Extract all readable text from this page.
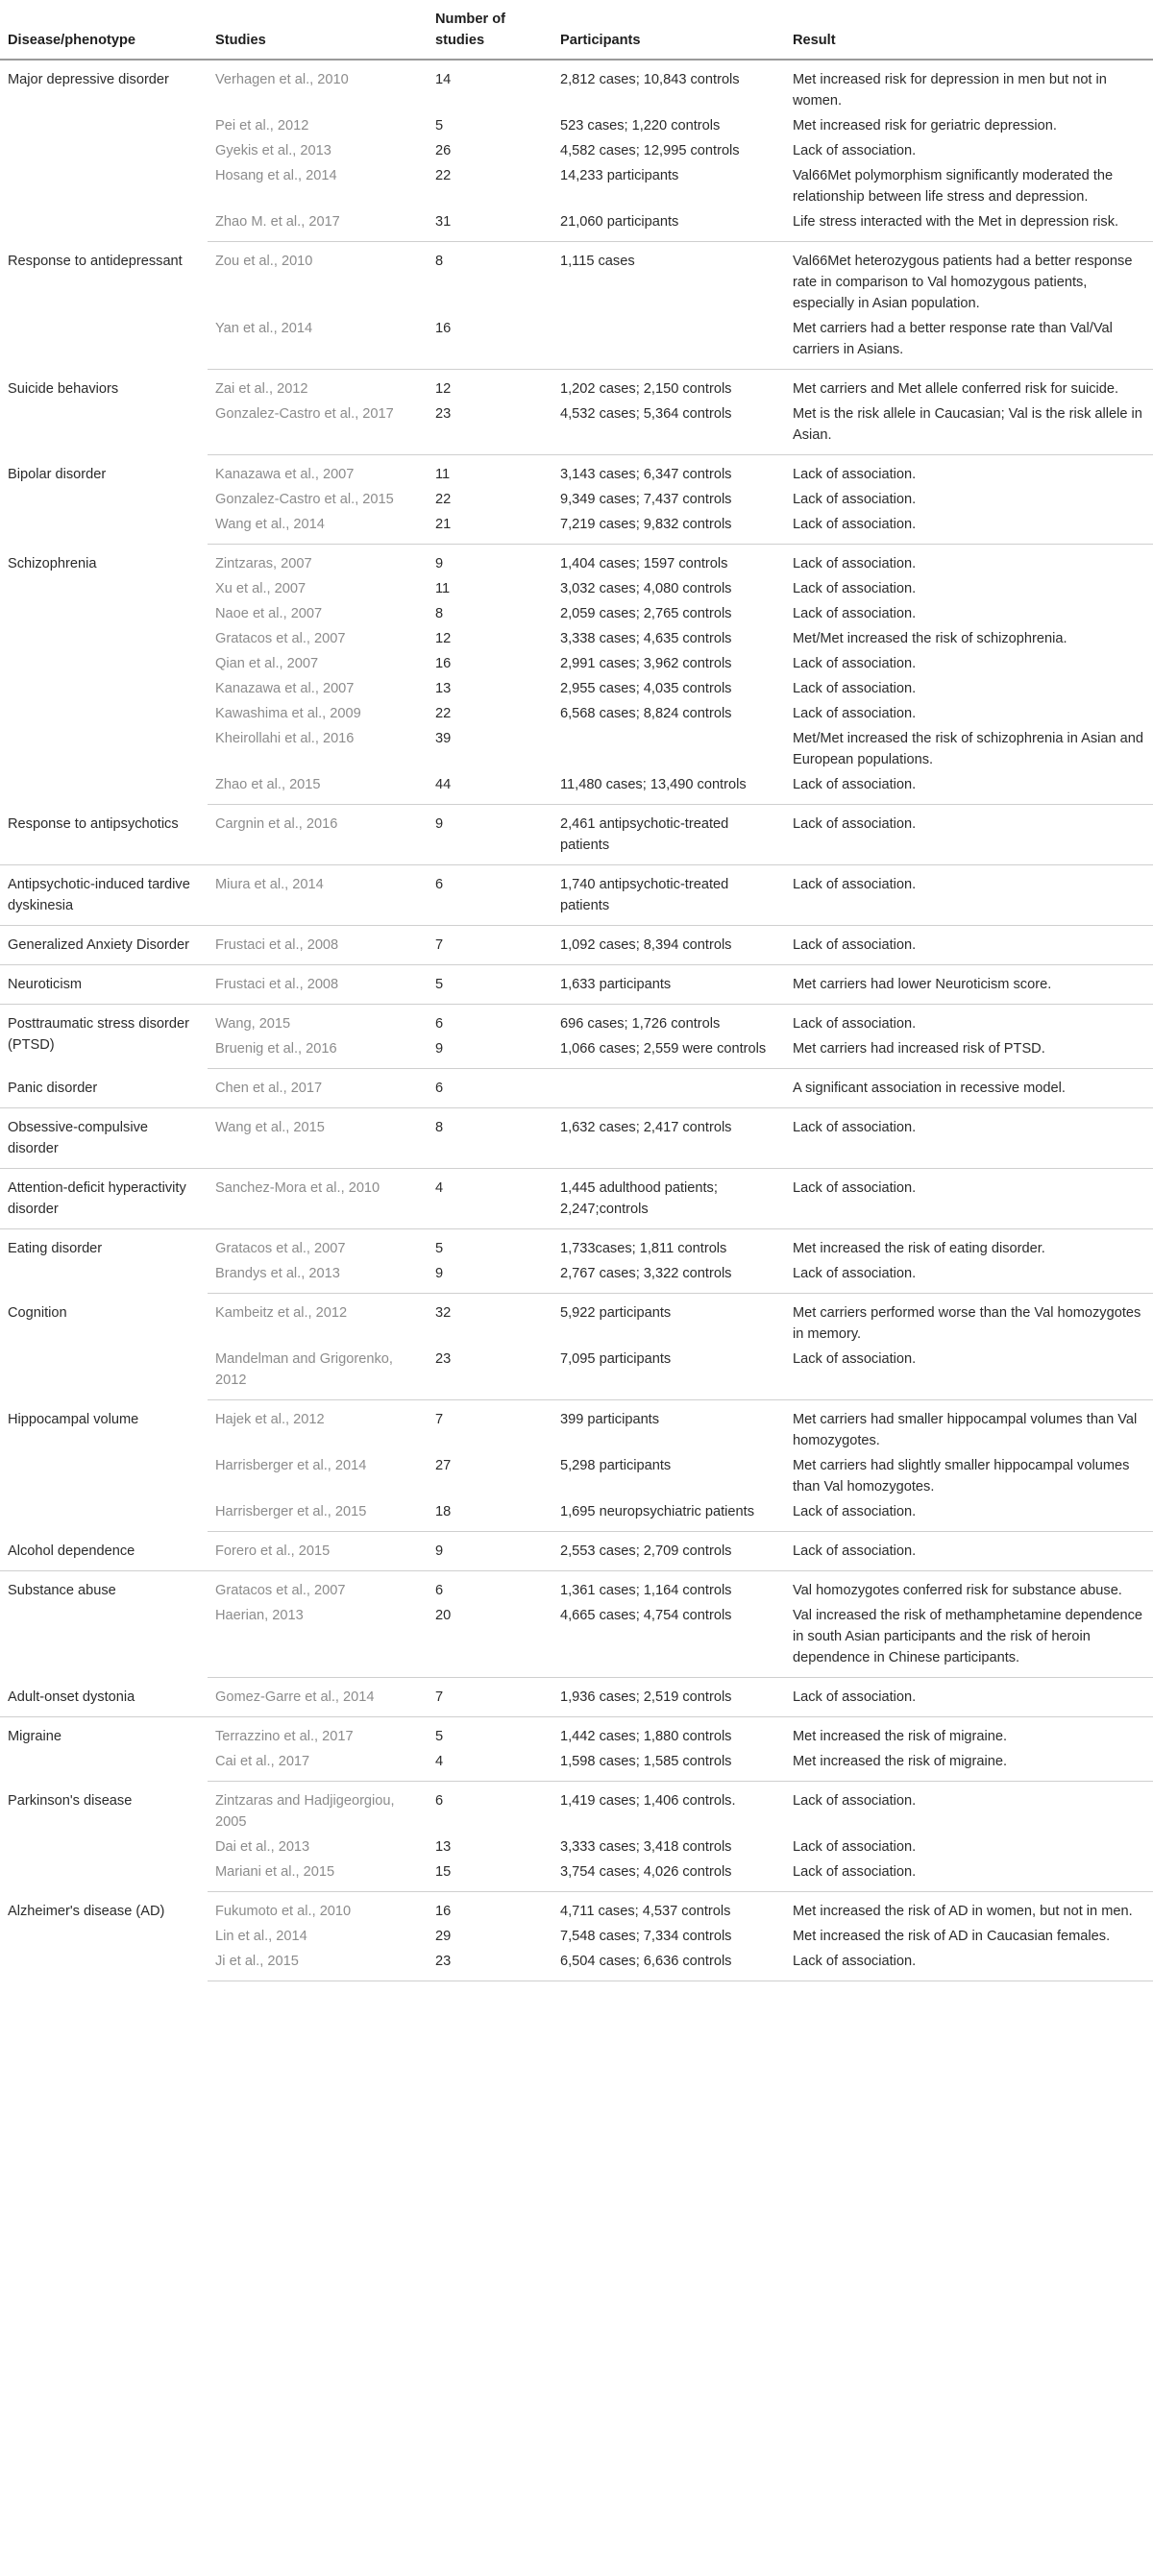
Disease/phenotype	Studies	Number of studies	Participants	Result
Major depressive disorder	Verhagen et al., 2010	14	2,812 cases; 10,843 controls	Met increased risk for depression in men but not in women.
	Pei et al., 2012	5	523 cases; 1,220 controls	Met increased risk for geriatric depression.
	Gyekis et al., 2013	26	4,582 cases; 12,995 controls	Lack of association.
	Hosang et al., 2014	22	14,233 participants	Val66Met polymorphism significantly moderated the relationship between life stress and depression.
	Zhao M. et al., 2017	31	21,060 participants	Life stress interacted with the Met in depression risk.
Response to antidepressant	Zou et al., 2010	8	1,115 cases	Val66Met heterozygous patients had a better response rate in comparison to Val homozygous patients, especially in Asian population.
	Yan et al., 2014	16		Met carriers had a better response rate than Val/Val carriers in Asians.
Suicide behaviors	Zai et al., 2012	12	1,202 cases; 2,150 controls	Met carriers and Met allele conferred risk for suicide.
	Gonzalez-Castro et al., 2017	23	4,532 cases; 5,364 controls	Met is the risk allele in Caucasian; Val is the risk allele in Asian.
Bipolar disorder	Kanazawa et al., 2007	11	3,143 cases; 6,347 controls	Lack of association.
	Gonzalez-Castro et al., 2015	22	9,349 cases; 7,437 controls	Lack of association.
	Wang et al., 2014	21	7,219 cases; 9,832 controls	Lack of association.
Schizophrenia	Zintzaras, 2007	9	1,404 cases; 1597 controls	Lack of association.
	Xu et al., 2007	11	3,032 cases; 4,080 controls	Lack of association.
	Naoe et al., 2007	8	2,059 cases; 2,765 controls	Lack of association.
	Gratacos et al., 2007	12	3,338 cases; 4,635 controls	Met/Met increased the risk of schizophrenia.
	Qian et al., 2007	16	2,991 cases; 3,962 controls	Lack of association.
	Kanazawa et al., 2007	13	2,955 cases; 4,035 controls	Lack of association.
	Kawashima et al., 2009	22	6,568 cases; 8,824 controls	Lack of association.
	Kheirollahi et al., 2016	39		Met/Met increased the risk of schizophrenia in Asian and European populations.
	Zhao et al., 2015	44	11,480 cases; 13,490 controls	Lack of association.
Response to antipsychotics	Cargnin et al., 2016	9	2,461 antipsychotic-treated patients	Lack of association.
Antipsychotic-induced tardive dyskinesia	Miura et al., 2014	6	1,740 antipsychotic-treated patients	Lack of association.
Generalized Anxiety Disorder	Frustaci et al., 2008	7	1,092 cases; 8,394 controls	Lack of association.
Neuroticism	Frustaci et al., 2008	5	1,633 participants	Met carriers had lower Neuroticism score.
Posttraumatic stress disorder (PTSD)	Wang, 2015	6	696 cases; 1,726 controls	Lack of association.
	Bruenig et al., 2016	9	1,066 cases; 2,559 were controls	Met carriers had increased risk of PTSD.
Panic disorder	Chen et al., 2017	6		A significant association in recessive model.
Obsessive-compulsive disorder	Wang et al., 2015	8	1,632 cases; 2,417 controls	Lack of association.
Attention-deficit hyperactivity disorder	Sanchez-Mora et al., 2010	4	1,445 adulthood patients; 2,247;controls	Lack of association.
Eating disorder	Gratacos et al., 2007	5	1,733cases; 1,811 controls	Met increased the risk of eating disorder.
	Brandys et al., 2013	9	2,767 cases; 3,322 controls	Lack of association.
Cognition	Kambeitz et al., 2012	32	5,922 participants	Met carriers performed worse than the Val homozygotes in memory.
	Mandelman and Grigorenko, 2012	23	7,095 participants	Lack of association.
Hippocampal volume	Hajek et al., 2012	7	399 participants	Met carriers had smaller hippocampal volumes than Val homozygotes.
	Harrisberger et al., 2014	27	5,298 participants	Met carriers had slightly smaller hippocampal volumes than Val homozygotes.
	Harrisberger et al., 2015	18	1,695 neuropsychiatric patients	Lack of association.
Alcohol dependence	Forero et al., 2015	9	2,553 cases; 2,709 controls	Lack of association.
Substance abuse	Gratacos et al., 2007	6	1,361 cases; 1,164 controls	Val homozygotes conferred risk for substance abuse.
	Haerian, 2013	20	4,665 cases; 4,754 controls	Val increased the risk of methamphetamine dependence in south Asian participants and the risk of heroin dependence in Chinese participants.
Adult-onset dystonia	Gomez-Garre et al., 2014	7	1,936 cases; 2,519 controls	Lack of association.
Migraine	Terrazzino et al., 2017	5	1,442 cases; 1,880 controls	Met increased the risk of migraine.
	Cai et al., 2017	4	1,598 cases; 1,585 controls	Met increased the risk of migraine.
Parkinson's disease	Zintzaras and Hadjigeorgiou, 2005	6	1,419 cases; 1,406 controls.	Lack of association.
	Dai et al., 2013	13	3,333 cases; 3,418 controls	Lack of association.
	Mariani et al., 2015	15	3,754 cases; 4,026 controls	Lack of association.
Alzheimer's disease (AD)	Fukumoto et al., 2010	16	4,711 cases; 4,537 controls	Met increased the risk of AD in women, but not in men.
	Lin et al., 2014	29	7,548 cases; 7,334 controls	Met increased the risk of AD in Caucasian females.
	Ji et al., 2015	23	6,504 cases; 6,636 controls	Lack of association.
